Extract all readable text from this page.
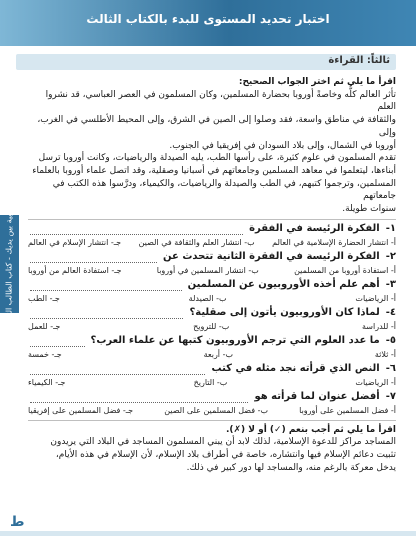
اختبار تحديد المستوى للبدء بالكتاب الثالث
العربية بين يديك - كتاب الطالب الثالث
ثالثاً: القراءة
اقرأ ما يلي ثم اختر الجواب الصحيح:
تأثر العالم كلُّه وخاصةً أوروبا بحضارة المسلمين، وكان المسلمون في العصر العباسي، قد نشروا العلم
والثقافة في مناطق واسعة، فقد وصلوا إلى الصين في الشرق، وإلى المحيط الأطلسي في الغرب، وإلى
أوروبا في الشمال، وإلى بلاد السودان في إفريقيا في الجنوب.
تقدم المسلمون في علوم كثيرة، على رأسها الطب، يليه الصيدلة والرياضيات، وكانت أوروبا ترسل
أبناءها، ليتعلموا في معاهد المسلمين وجامعاتهم في أسبانيا وصقلية، وقد اتصل علماء أوروبا بالعلماء
المسلمين، وترجموا كتبهم، في الطب والصيدلة والرياضيات، والكيمياء، ودرَّسوا هذه الكتب في جامعاتهم
سنوات طويلة.
١-
الفكرة الرئيسة في الفقرة
أ- انتشار الحضارة الإسلامية في العالم
ب- انتشار العلم والثقافة في الصين
جـ- انتشار الإسلام في العالم
٢-
الفكرة الرئيسة في الفقرة الثانية تتحدث عن
أ- استفادة أوروبا من المسلمين
ب- انتشار المسلمين في أوروبا
جـ- استفادة العالم من أوروبا
٣-
أهم علم أخذه الأوروبيون عن المسلمين
أ- الرياضيات
ب- الصيدلة
جـ- الطب
٤-
لماذا كان الأوروبيون يأتون إلى صقلية؟
أ- للدراسة
ب- للترويح
جـ- للعمل
٥-
ما عدد العلوم التي ترجم الأوروبيون كتبها عن علماء العرب؟
أ- ثلاثة
ب- أربعة
جـ- خمسة
٦-
النص الذي قرأته نجد مثله في كتب
أ- الرياضيات
ب- التاريخ
جـ- الكيمياء
٧-
أفضل عنوان لما قرأته هو
أ- فضل المسلمين على أوروبا
ب- فضل المسلمين على الصين
جـ- فضل المسلمين على إفريقيا
اقرأ ما يلي ثم أجب بنعم (✓) أو لا (✗).
المساجد مراكز للدعوة الإسلامية، لذلك لابد أن يبني المسلمون المساجد في البلاد التي يريدون
تثبيت دعائم الإسلام فيها وانتشاره، خاصة في أطراف بلاد الإسلام، لأن الإسلام في هذه الأيام،
يدخل معركة بالرغم منه، والمساجد لها دور كبير في ذلك.
ط
